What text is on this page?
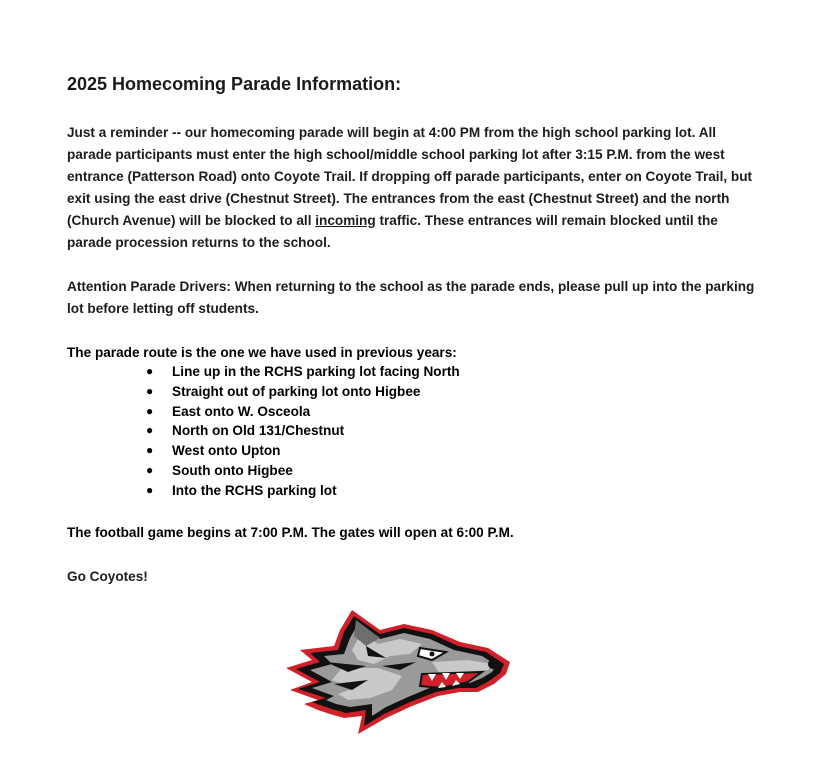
2025 Homecoming Parade Information:
Just a reminder -- our homecoming parade will begin at 4:00 PM from the high school parking lot. All parade participants must enter the high school/middle school parking lot after 3:15 P.M. from the west entrance (Patterson Road) onto Coyote Trail. If dropping off parade participants, enter on Coyote Trail, but exit using the east drive (Chestnut Street). The entrances from the east (Chestnut Street) and the north (Church Avenue) will be blocked to all incoming traffic. These entrances will remain blocked until the parade procession returns to the school.
Attention Parade Drivers: When returning to the school as the parade ends, please pull up into the parking lot before letting off students.
The parade route is the one we have used in previous years:
● Line up in the RCHS parking lot facing North
● Straight out of parking lot onto Higbee
● East onto W. Osceola
● North on Old 131/Chestnut
● West onto Upton
● South onto Higbee
● Into the RCHS parking lot
The football game begins at 7:00 P.M. The gates will open at 6:00 P.M.
Go Coyotes!
